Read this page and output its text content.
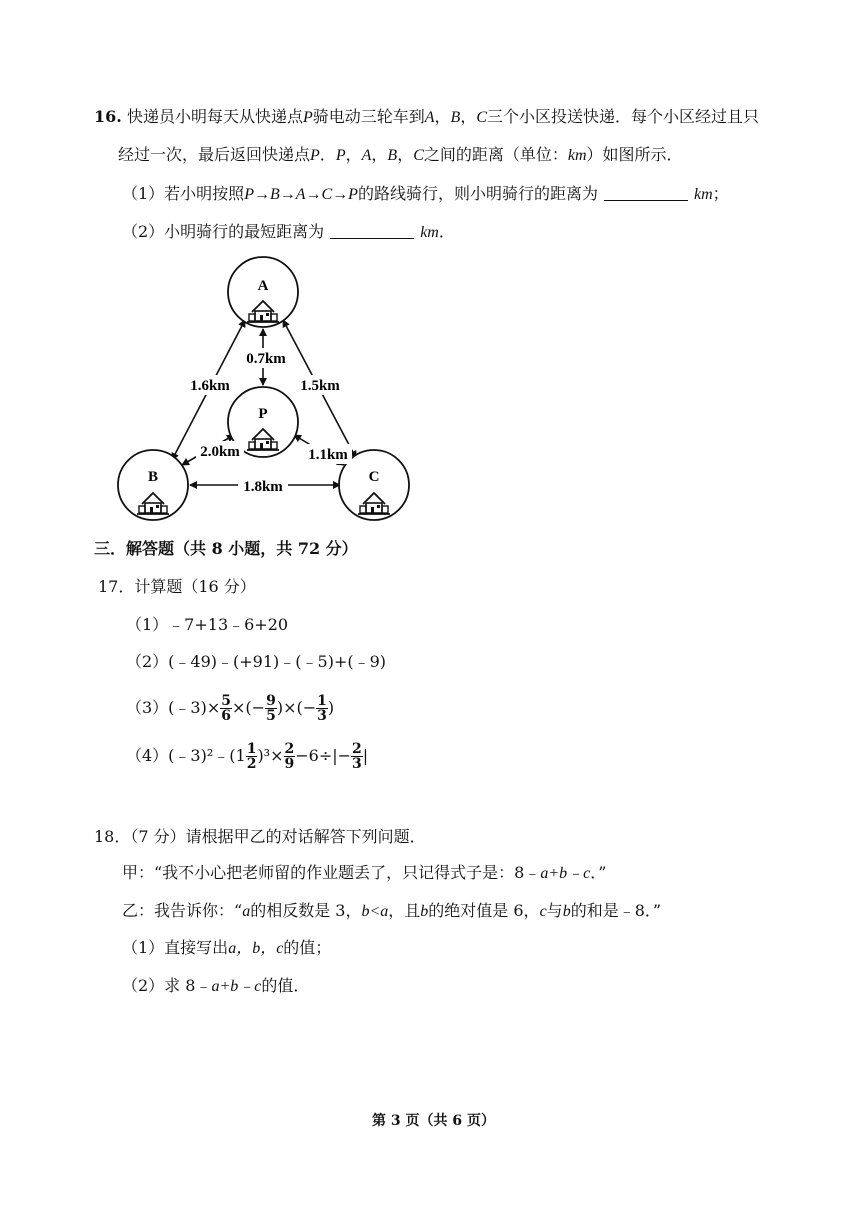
16. 快递员小明每天从快递点P骑电动三轮车到A，B，C三个小区投送快递．每个小区经过且只
经过一次，最后返回快递点P．P，A，B，C之间的距离（单位：km）如图所示．
（1）若小明按照P→B→A→C→P的路线骑行，则小明骑行的距离为	km；
（2）小明骑行的最短距离为	km．
A
P
B	C
0.7km
1.6km	1.5km
2.0km	1.1km
1.8km
三．解答题（共 8 小题，共 72 分）
17．计算题（16 分）
（1）﹣7+13﹣6+20
（2）(﹣49)﹣(+91)﹣(﹣5)+(﹣9)
（3）(﹣3)× $\frac{5}{6}$ ×(− $\frac{9}{5}$ )×(− $\frac{1}{3}$ )
（4）(﹣3)²﹣(1 $\frac{1}{2} )^3\times \frac{2}{9} -6\div|- \frac{2}{3}$ |
18．（7 分）请根据甲乙的对话解答下列问题．
甲：“我不小心把老师留的作业题丢了，只记得式子是：8﹣a+b﹣c．”
乙：我告诉你：“a的相反数是 3，b<a，且b的绝对值是 6，c与b的和是﹣8．”
（1）直接写出a，b，c的值；
（2）求 8﹣a+b﹣c的值．
第 3 页（共 6 页）
